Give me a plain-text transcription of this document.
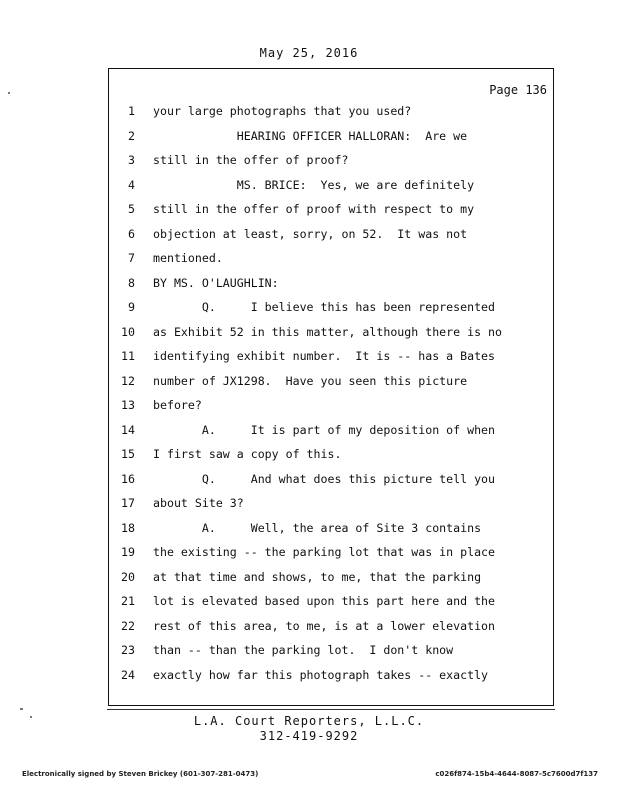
May 25, 2016
Page 136
1 your large photographs that you used?
2 HEARING OFFICER HALLORAN:  Are we
3 still in the offer of proof?
4 MS. BRICE:  Yes, we are definitely
5 still in the offer of proof with respect to my
6 objection at least, sorry, on 52.  It was not
7 mentioned.
8 BY MS. O'LAUGHLIN:
9 Q.     I believe this has been represented
10 as Exhibit 52 in this matter, although there is no
11 identifying exhibit number.  It is -- has a Bates
12 number of JX1298.  Have you seen this picture
13 before?
14 A.     It is part of my deposition of when
15 I first saw a copy of this.
16 Q.     And what does this picture tell you
17 about Site 3?
18 A.     Well, the area of Site 3 contains
19 the existing -- the parking lot that was in place
20 at that time and shows, to me, that the parking
21 lot is elevated based upon this part here and the
22 rest of this area, to me, is at a lower elevation
23 than -- than the parking lot.  I don't know
24 exactly how far this photograph takes -- exactly
L.A. Court Reporters, L.L.C.
312-419-9292
Electronically signed by Steven Brickey (601-307-281-0473)	c026f874-15b4-4644-8087-5c7600d7f137
